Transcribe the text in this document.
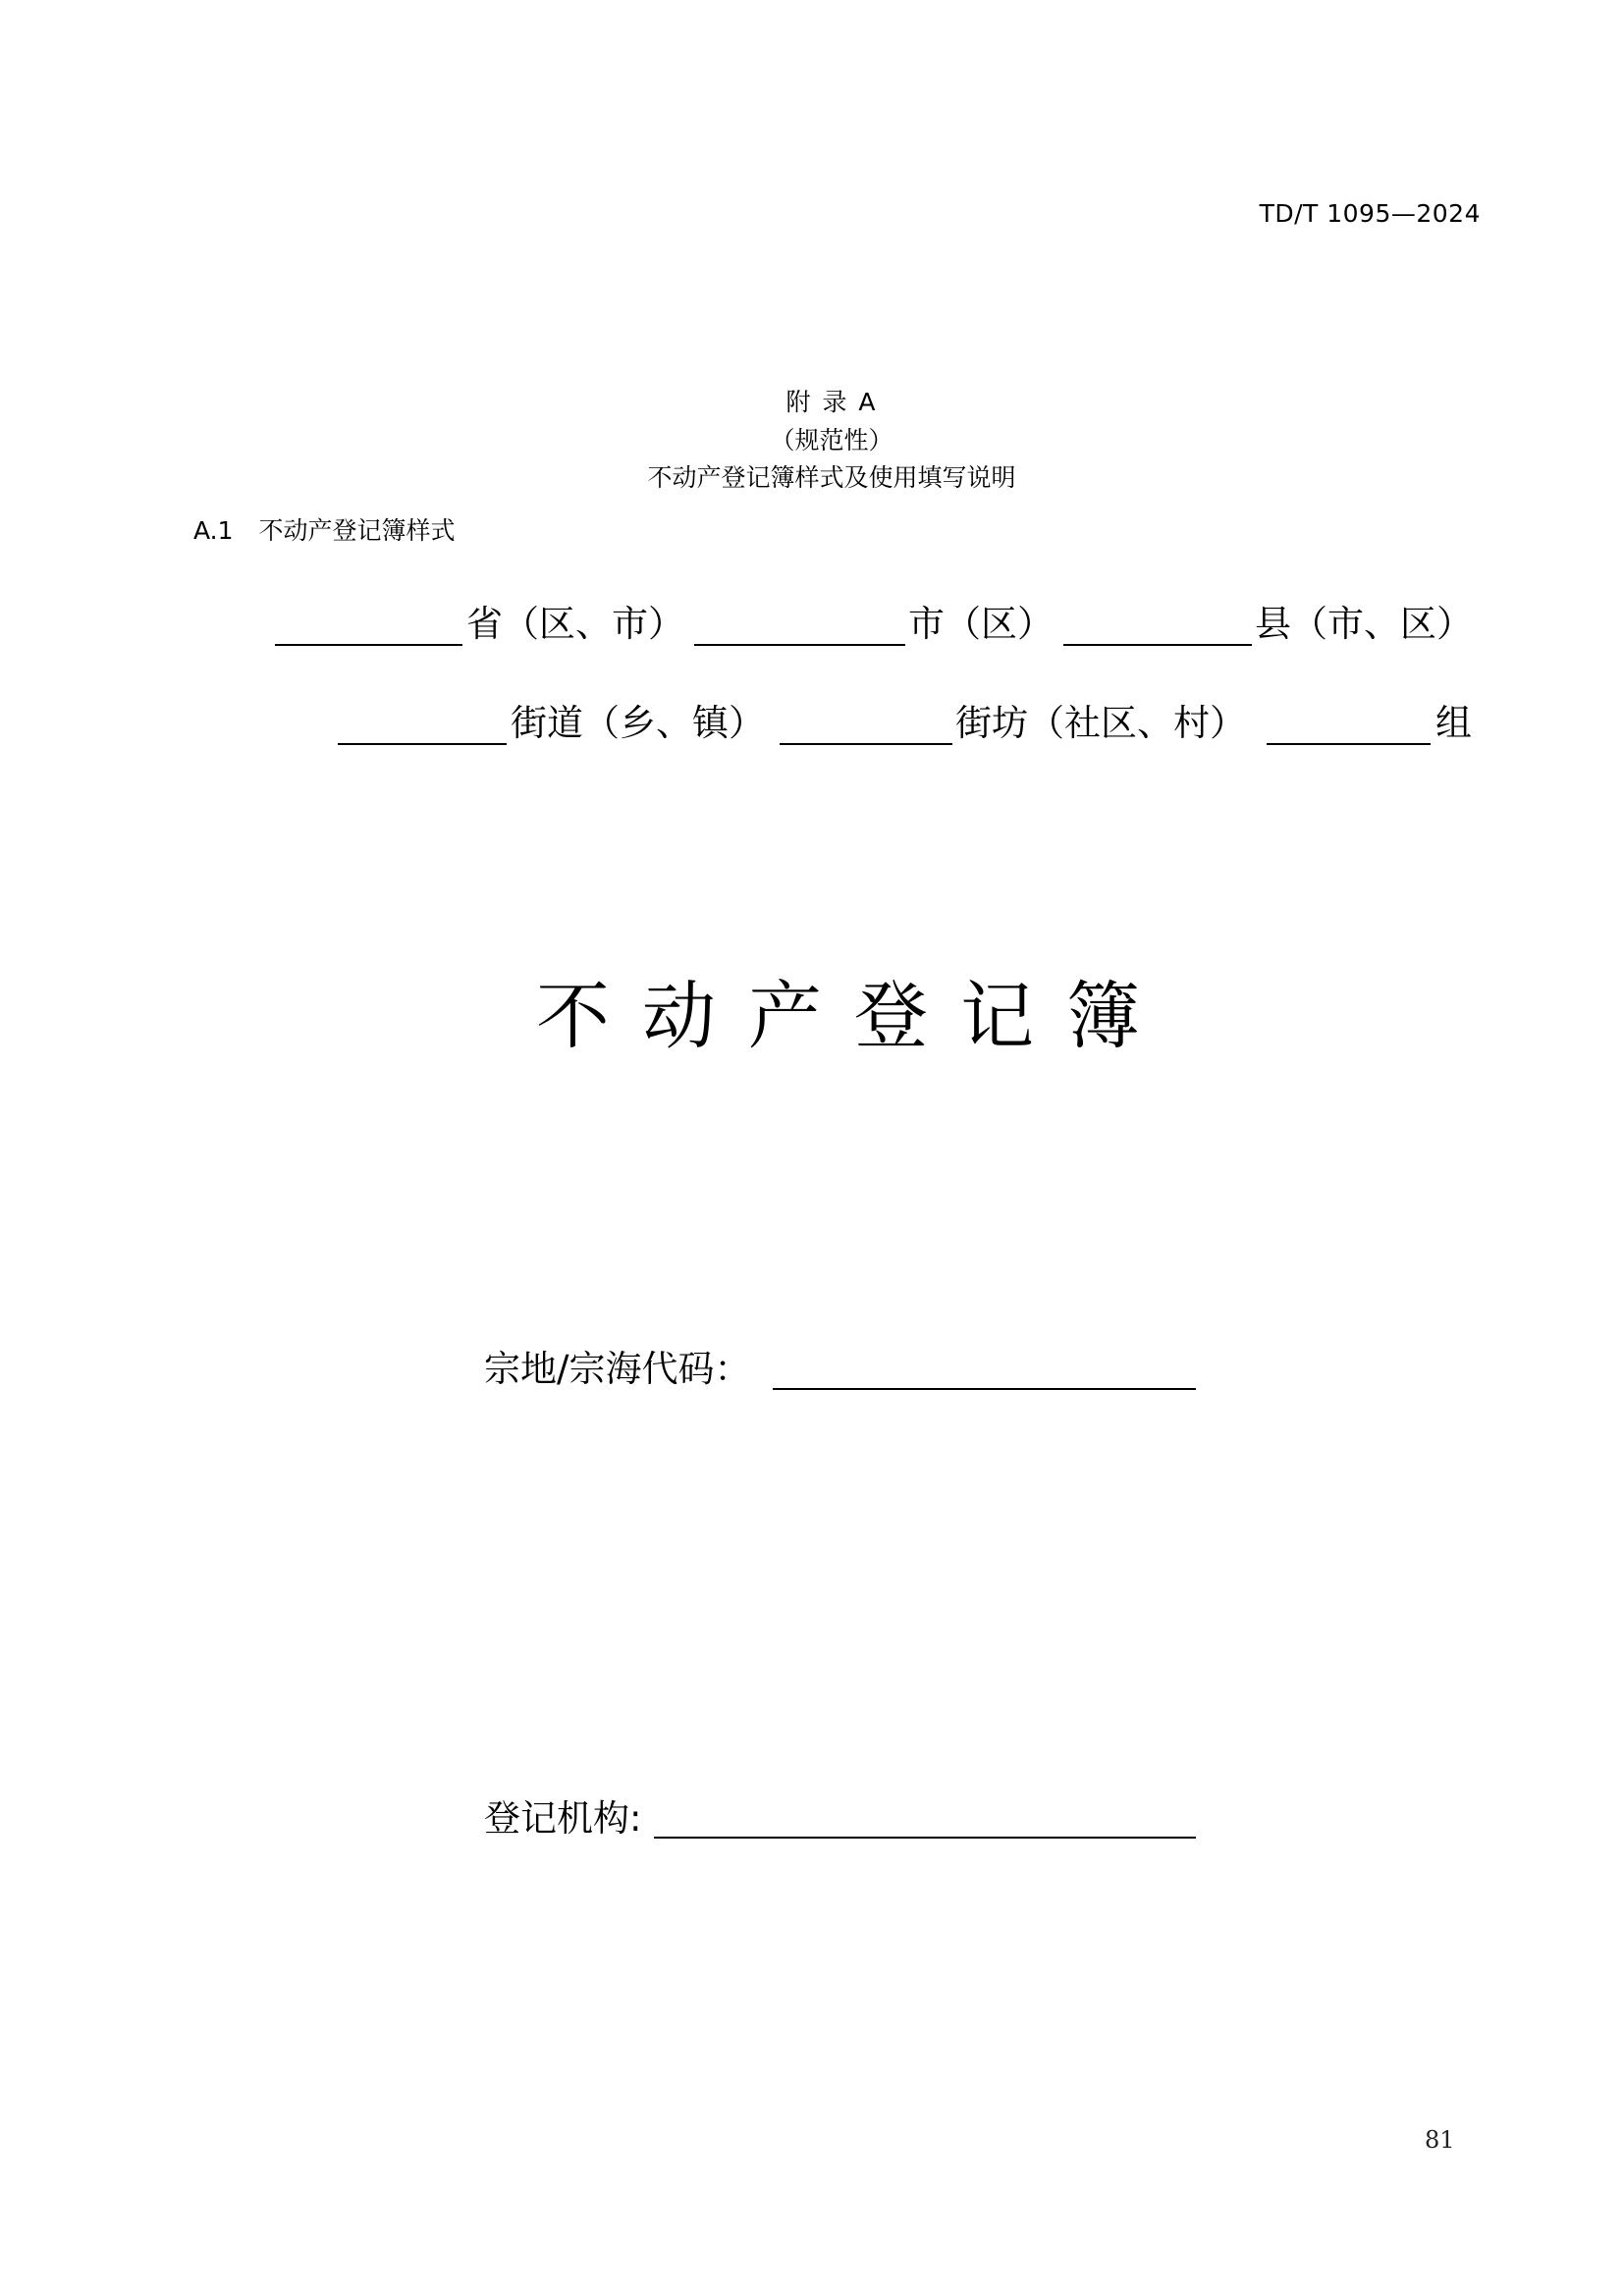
TD/T 1095—2024
附 录 A
（规范性）
不动产登记簿样式及使用填写说明
A.1 不动产登记簿样式
省（区、市）	市（区）	县（市、区）
街道（乡、镇）	街坊（社区、村）	组
不动产登记簿
宗地/宗海代码：
登记机构:
81
